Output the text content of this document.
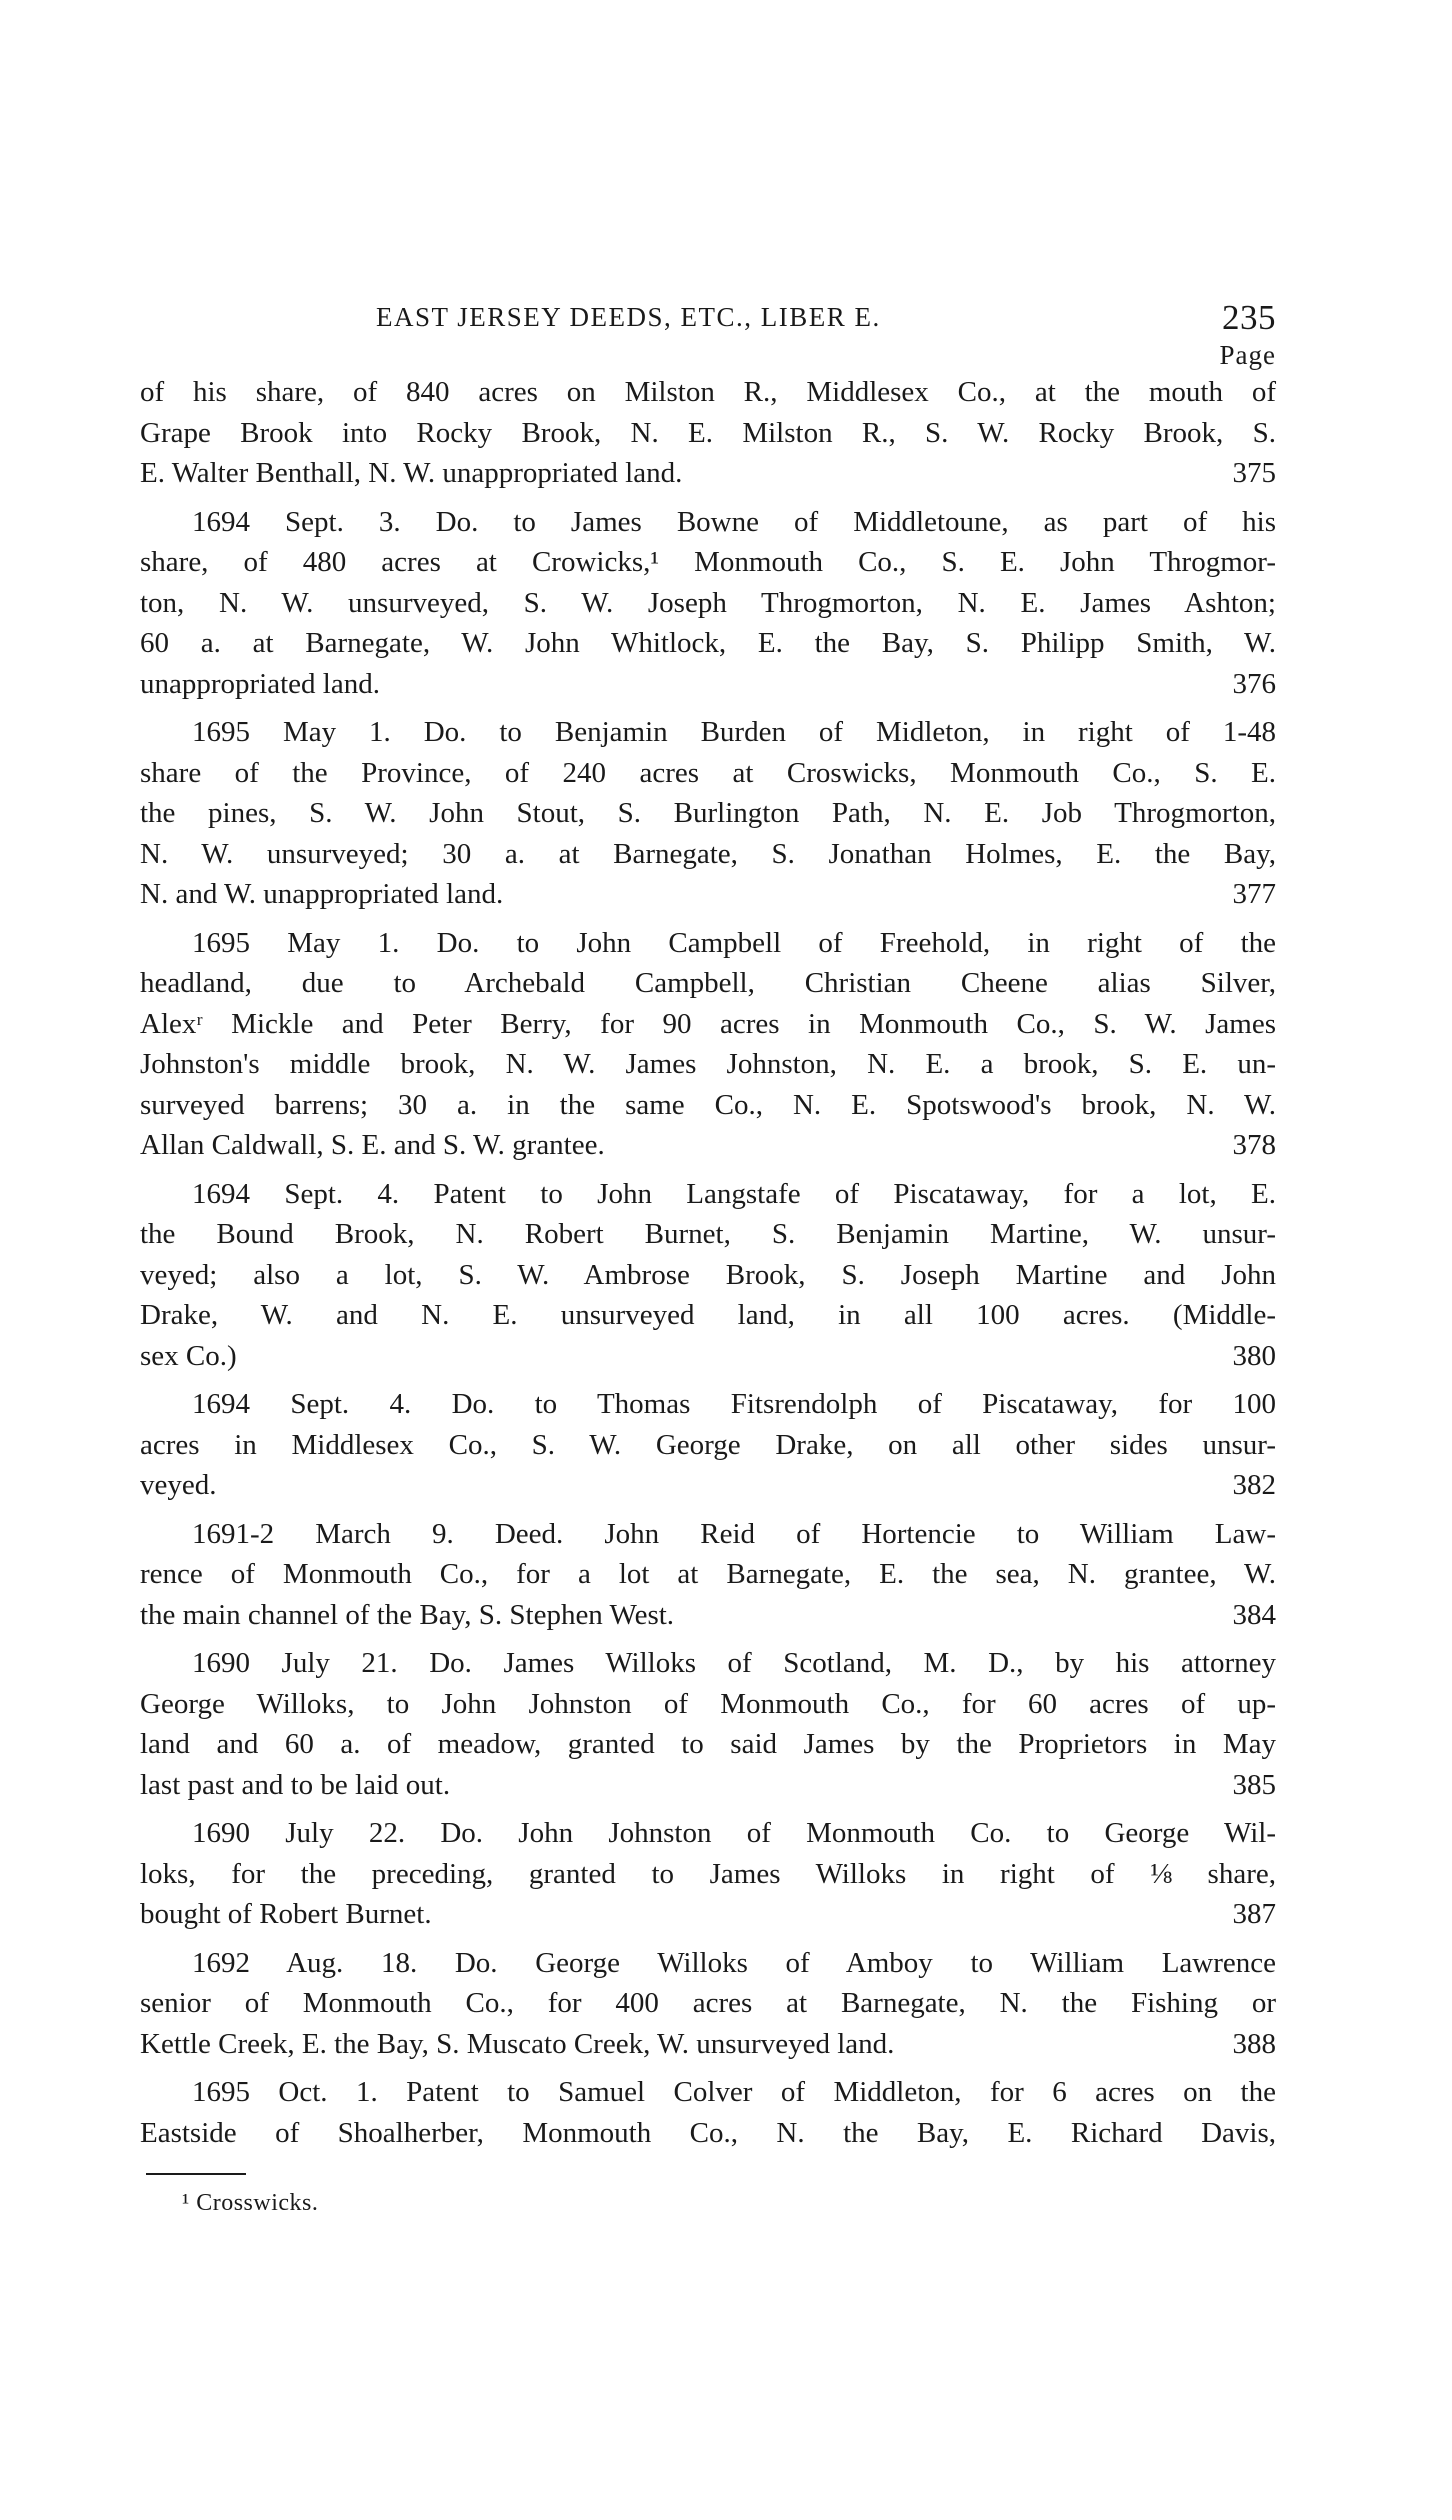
EAST JERSEY DEEDS, ETC., LIBER E.	235
Page
of his share, of 840 acres on Milston R., Middlesex Co., at the mouth of
Grape Brook into Rocky Brook, N. E. Milston R., S. W. Rocky Brook, S.
E. Walter Benthall, N. W. unappropriated land.	375
1694 Sept. 3. Do. to James Bowne of Middletoune, as part of his
share, of 480 acres at Crowicks,¹ Monmouth Co., S. E. John Throgmor-
ton, N. W. unsurveyed, S. W. Joseph Throgmorton, N. E. James Ashton;
60 a. at Barnegate, W. John Whitlock, E. the Bay, S. Philipp Smith, W.
unappropriated land.	376
1695 May 1. Do. to Benjamin Burden of Midleton, in right of 1-48
share of the Province, of 240 acres at Croswicks, Monmouth Co., S. E.
the pines, S. W. John Stout, S. Burlington Path, N. E. Job Throgmorton,
N. W. unsurveyed; 30 a. at Barnegate, S. Jonathan Holmes, E. the Bay,
N. and W. unappropriated land.	377
1695 May 1. Do. to John Campbell of Freehold, in right of the
headland, due to Archebald Campbell, Christian Cheene alias Silver,
Alexʳ Mickle and Peter Berry, for 90 acres in Monmouth Co., S. W. James
Johnston's middle brook, N. W. James Johnston, N. E. a brook, S. E. un-
surveyed barrens; 30 a. in the same Co., N. E. Spotswood's brook, N. W.
Allan Caldwall, S. E. and S. W. grantee.	378
1694 Sept. 4. Patent to John Langstafe of Piscataway, for a lot, E.
the Bound Brook, N. Robert Burnet, S. Benjamin Martine, W. unsur-
veyed; also a lot, S. W. Ambrose Brook, S. Joseph Martine and John
Drake, W. and N. E. unsurveyed land, in all 100 acres. (Middle-
sex Co.)	380
1694 Sept. 4. Do. to Thomas Fitsrendolph of Piscataway, for 100
acres in Middlesex Co., S. W. George Drake, on all other sides unsur-
veyed.	382
1691-2 March 9. Deed. John Reid of Hortencie to William Law-
rence of Monmouth Co., for a lot at Barnegate, E. the sea, N. grantee, W.
the main channel of the Bay, S. Stephen West.	384
1690 July 21. Do. James Willoks of Scotland, M. D., by his attorney
George Willoks, to John Johnston of Monmouth Co., for 60 acres of up-
land and 60 a. of meadow, granted to said James by the Proprietors in May
last past and to be laid out.	385
1690 July 22. Do. John Johnston of Monmouth Co. to George Wil-
loks, for the preceding, granted to James Willoks in right of ⅛ share,
bought of Robert Burnet.	387
1692 Aug. 18. Do. George Willoks of Amboy to William Lawrence
senior of Monmouth Co., for 400 acres at Barnegate, N. the Fishing or
Kettle Creek, E. the Bay, S. Muscato Creek, W. unsurveyed land.	388
1695 Oct. 1. Patent to Samuel Colver of Middleton, for 6 acres on the
Eastside of Shoalherber, Monmouth Co., N. the Bay, E. Richard Davis,
¹ Crosswicks.
